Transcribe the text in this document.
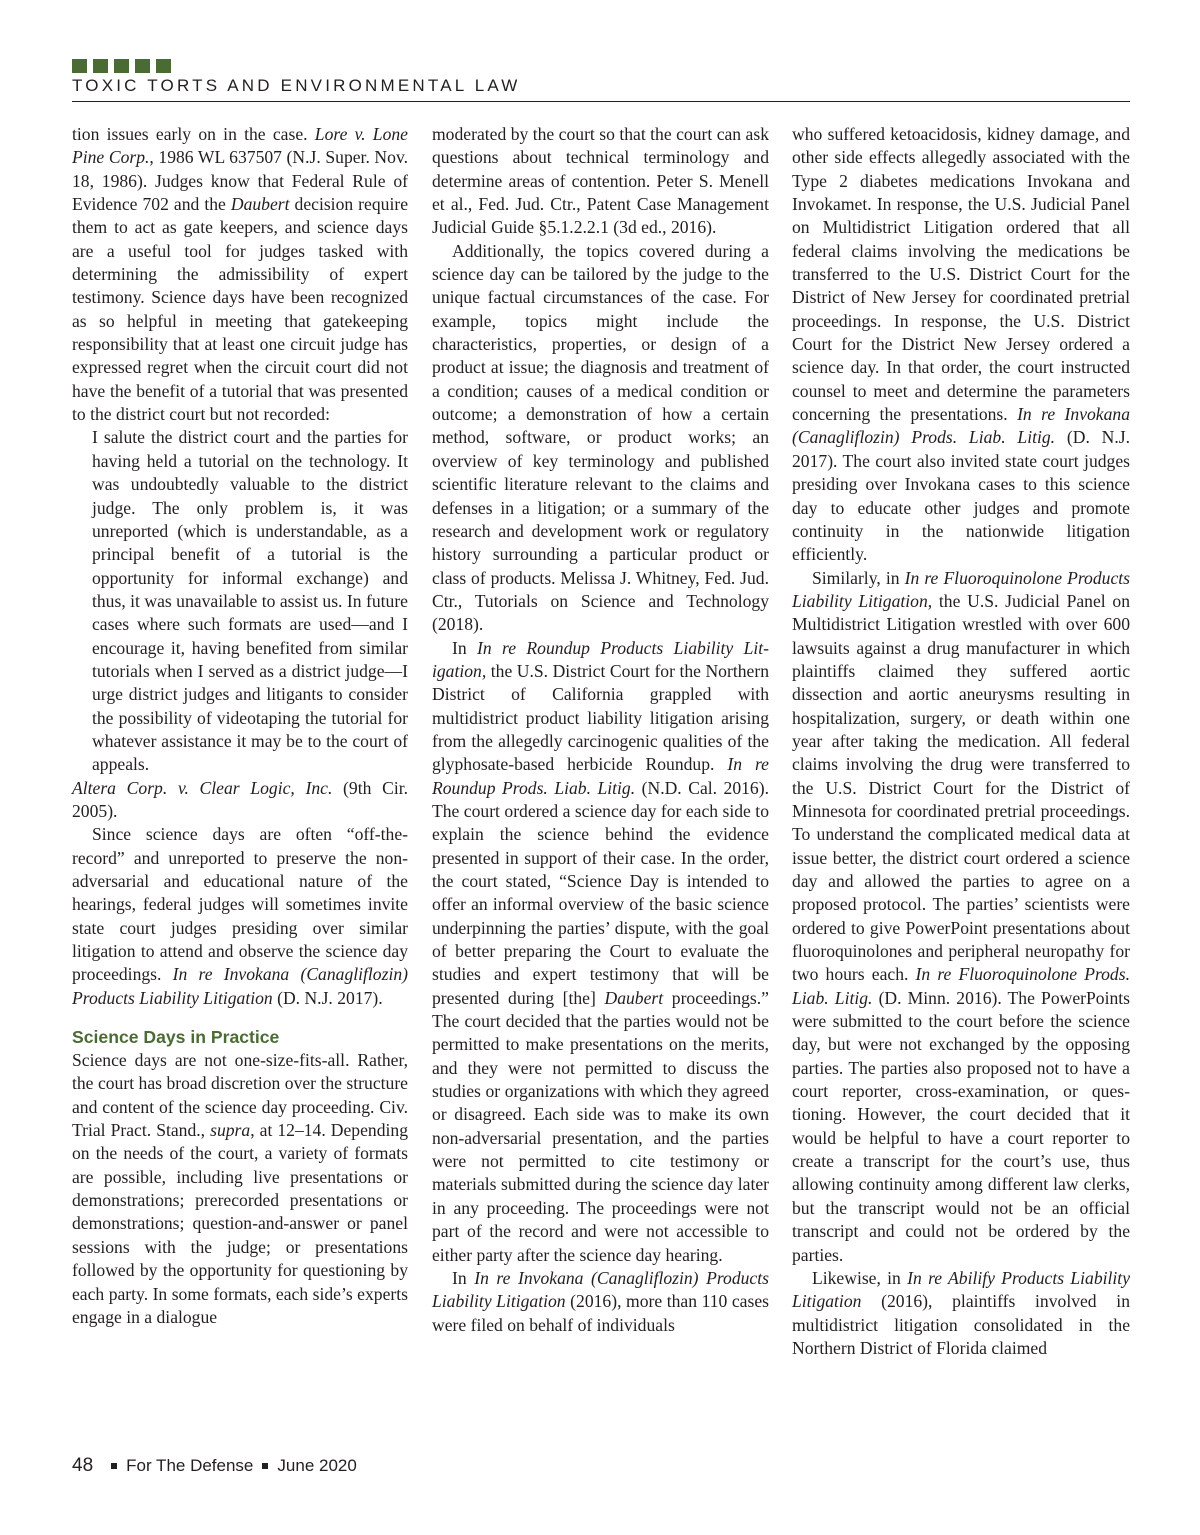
TOXIC TORTS AND ENVIRONMENTAL LAW

tion issues early on in the case. Lore v. Lone Pine Corp., 1986 WL 637507 (N.J. Super. Nov. 18, 1986). Judges know that Federal Rule of Evidence 702 and the Daubert decision require them to act as gate keepers, and science days are a useful tool for judges tasked with determining the admissibility of expert testimony. Science days have been recognized as so helpful in meeting that gatekeeping responsibility that at least one circuit judge has expressed regret when the circuit court did not have the benefit of a tutorial that was presented to the district court but not recorded:

I salute the district court and the parties for having held a tutorial on the technology. It was undoubtedly valuable to the district judge. The only problem is, it was unreported (which is understandable, as a principal benefit of a tutorial is the opportunity for informal exchange) and thus, it was unavailable to assist us. In future cases where such formats are used—and I encourage it, having benefited from similar tutorials when I served as a district judge—I urge district judges and litigants to consider the possibility of videotaping the tutorial for whatever assistance it may be to the court of appeals.

Altera Corp. v. Clear Logic, Inc. (9th Cir. 2005).

Since science days are often “off-the-record” and unreported to preserve the non-adversarial and educational nature of the hearings, federal judges will sometimes invite state court judges presiding over similar litigation to attend and observe the science day proceedings. In re Invokana (Canagliflozin) Products Liability Litigation (D. N.J. 2017).

Science Days in Practice

Science days are not one-size-fits-all. Rather, the court has broad discretion over the structure and content of the science day proceeding. Civ. Trial Pract. Stand., supra, at 12–14. Depending on the needs of the court, a variety of formats are possible, including live presentations or demonstrations; prerecorded presentations or demonstrations; question-and-answer or panel sessions with the judge; or presentations followed by the opportunity for questioning by each party. In some formats, each side’s experts engage in a dialogue

moderated by the court so that the court can ask questions about technical terminology and determine areas of contention. Peter S. Menell et al., Fed. Jud. Ctr., Patent Case Management Judicial Guide §5.1.2.2.1 (3d ed., 2016).

Additionally, the topics covered during a science day can be tailored by the judge to the unique factual circumstances of the case. For example, topics might include the characteristics, properties, or design of a product at issue; the diagnosis and treatment of a condition; causes of a medical condition or outcome; a demonstration of how a certain method, software, or product works; an overview of key terminology and published scientific literature relevant to the claims and defenses in a litigation; or a summary of the research and development work or regulatory history surrounding a particular product or class of products. Melissa J. Whitney, Fed. Jud. Ctr., Tutorials on Science and Technology (2018).

In In re Roundup Products Liability Litigation, the U.S. District Court for the Northern District of California grappled with multidistrict product liability litigation arising from the allegedly carcinogenic qualities of the glyphosate-based herbicide Roundup. In re Roundup Prods. Liab. Litig. (N.D. Cal. 2016). The court ordered a science day for each side to explain the science behind the evidence presented in support of their case. In the order, the court stated, “Science Day is intended to offer an informal overview of the basic science underpinning the parties’ dispute, with the goal of better preparing the Court to evaluate the studies and expert testimony that will be presented during [the] Daubert proceedings.” The court decided that the parties would not be permitted to make presentations on the merits, and they were not permitted to discuss the studies or organizations with which they agreed or disagreed. Each side was to make its own non-adversarial presentation, and the parties were not permitted to cite testimony or materials submitted during the science day later in any proceeding. The proceedings were not part of the record and were not accessible to either party after the science day hearing.

In In re Invokana (Canagliflozin) Products Liability Litigation (2016), more than 110 cases were filed on behalf of individuals

who suffered ketoacidosis, kidney damage, and other side effects allegedly associated with the Type 2 diabetes medications Invokana and Invokamet. In response, the U.S. Judicial Panel on Multidistrict Litigation ordered that all federal claims involving the medications be transferred to the U.S. District Court for the District of New Jersey for coordinated pretrial proceedings. In response, the U.S. District Court for the District New Jersey ordered a science day. In that order, the court instructed counsel to meet and determine the parameters concerning the presentations. In re Invokana (Canagliflozin) Prods. Liab. Litig. (D. N.J. 2017). The court also invited state court judges presiding over Invokana cases to this science day to educate other judges and promote continuity in the nationwide litigation efficiently.

Similarly, in In re Fluoroquinolone Products Liability Litigation, the U.S. Judicial Panel on Multidistrict Litigation wrestled with over 600 lawsuits against a drug manufacturer in which plaintiffs claimed they suffered aortic dissection and aortic aneurysms resulting in hospitalization, surgery, or death within one year after taking the medication. All federal claims involving the drug were transferred to the U.S. District Court for the District of Minnesota for coordinated pretrial proceedings. To understand the complicated medical data at issue better, the district court ordered a science day and allowed the parties to agree on a proposed protocol. The parties’ scientists were ordered to give PowerPoint presentations about fluoroquinolones and peripheral neuropathy for two hours each. In re Fluoroquinolone Prods. Liab. Litig. (D. Minn. 2016). The PowerPoints were submitted to the court before the science day, but were not exchanged by the opposing parties. The parties also proposed not to have a court reporter, cross-examination, or questioning. However, the court decided that it would be helpful to have a court reporter to create a transcript for the court’s use, thus allowing continuity among different law clerks, but the transcript would not be an official transcript and could not be ordered by the parties.

Likewise, in In re Abilify Products Liability Litigation (2016), plaintiffs involved in multidistrict litigation consolidated in the Northern District of Florida claimed

48 For The Defense June 2020
